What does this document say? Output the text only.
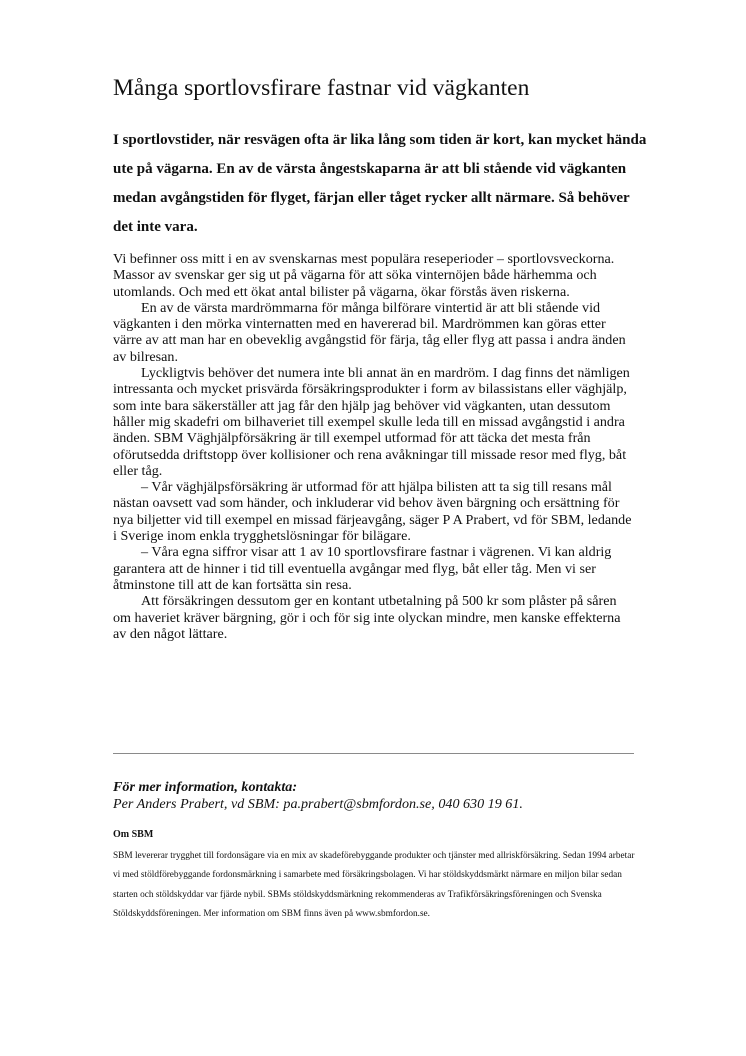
Många sportlovsfirare fastnar vid vägkanten

I sportlovstider, när resvägen ofta är lika lång som tiden är kort, kan mycket hända ute på vägarna. En av de värsta ångestskaparna är att bli stående vid vägkanten medan avgångstiden för flyget, färjan eller tåget rycker allt närmare. Så behöver det inte vara.

Vi befinner oss mitt i en av svenskarnas mest populära reseperioder – sportlovsveckorna. Massor av svenskar ger sig ut på vägarna för att söka vinternöjen både härhemma och utomlands. Och med ett ökat antal bilister på vägarna, ökar förstås även riskerna.

En av de värsta mardrömmarna för många bilförare vintertid är att bli stående vid vägkanten i den mörka vinternatten med en havererad bil. Mardrömmen kan göras etter värre av att man har en obeveklig avgångstid för färja, tåg eller flyg att passa i andra änden av bilresan.

Lyckligtvis behöver det numera inte bli annat än en mardröm. I dag finns det nämligen intressanta och mycket prisvärda försäkringsprodukter i form av bilassistans eller väghjälp, som inte bara säkerställer att jag får den hjälp jag behöver vid vägkanten, utan dessutom håller mig skadefri om bilhaveriet till exempel skulle leda till en missad avgångstid i andra änden. SBM Väghjälpförsäkring är till exempel utformad för att täcka det mesta från oförutsedda driftstopp över kollisioner och rena avåkningar till missade resor med flyg, båt eller tåg.

– Vår väghjälpsförsäkring är utformad för att hjälpa bilisten att ta sig till resans mål nästan oavsett vad som händer, och inkluderar vid behov även bärgning och ersättning för nya biljetter vid till exempel en missad färjeavgång, säger P A Prabert, vd för SBM, ledande i Sverige inom enkla trygghetslösningar för bilägare.

– Våra egna siffror visar att 1 av 10 sportlovsfirare fastnar i vägrenen. Vi kan aldrig garantera att de hinner i tid till eventuella avgångar med flyg, båt eller tåg. Men vi ser åtminstone till att de kan fortsätta sin resa.

Att försäkringen dessutom ger en kontant utbetalning på 500 kr som plåster på såren om haveriet kräver bärgning, gör i och för sig inte olyckan mindre, men kanske effekterna av den något lättare.

För mer information, kontakta:
Per Anders Prabert, vd SBM: pa.prabert@sbmfordon.se, 040 630 19 61.

Om SBM

SBM levererar trygghet till fordonsägare via en mix av skadeförebyggande produkter och tjänster med allriskförsäkring. Sedan 1994 arbetar vi med stöldförebyggande fordonsmärkning i samarbete med försäkringsbolagen. Vi har stöldskyddsmärkt närmare en miljon bilar sedan starten och stöldskyddar var fjärde nybil. SBMs stöldskyddsmärkning rekommenderas av Trafikförsäkringsföreningen och Svenska Stöldskyddsföreningen. Mer information om SBM finns även på www.sbmfordon.se.
